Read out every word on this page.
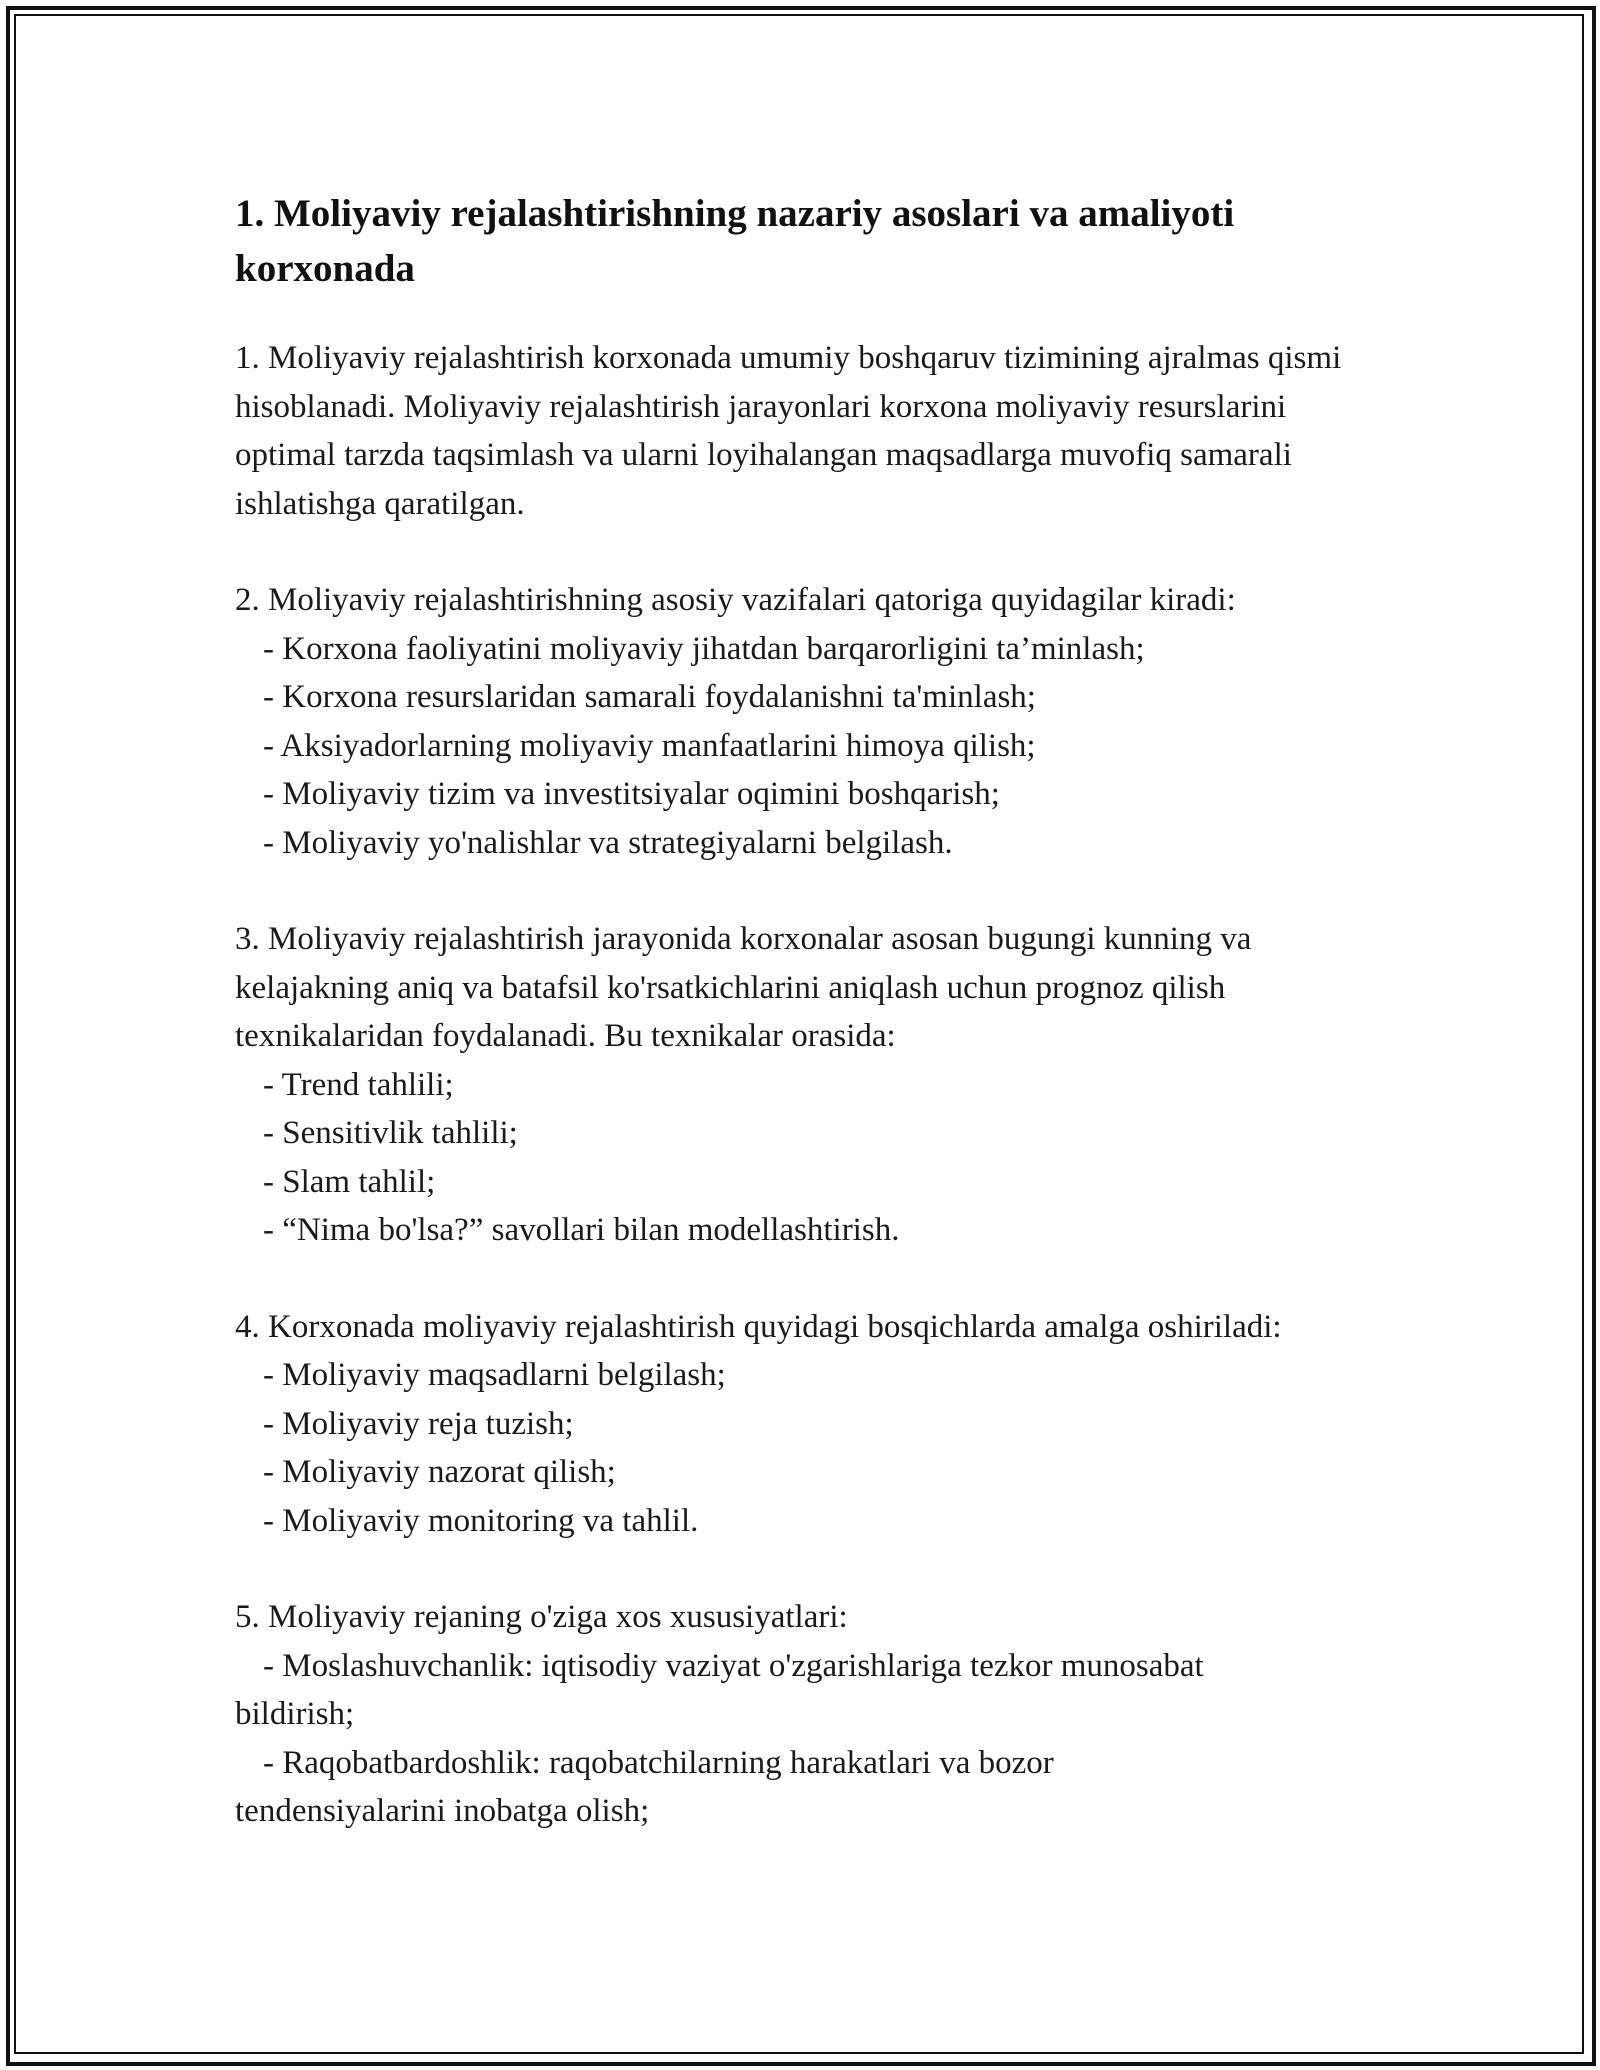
1. Moliyaviy rejalashtirishning nazariy asoslari va amaliyoti korxonada

1. Moliyaviy rejalashtirish korxonada umumiy boshqaruv tizimining ajralmas qismi hisoblanadi. Moliyaviy rejalashtirish jarayonlari korxona moliyaviy resurslarini optimal tarzda taqsimlash va ularni loyihalangan maqsadlarga muvofiq samarali ishlatishga qaratilgan.

2. Moliyaviy rejalashtirishning asosiy vazifalari qatoriga quyidagilar kiradi:

- Korxona faoliyatini moliyaviy jihatdan barqarorligini ta’minlash;
- Korxona resurslaridan samarali foydalanishni ta'minlash;
- Aksiyadorlarning moliyaviy manfaatlarini himoya qilish;
- Moliyaviy tizim va investitsiyalar oqimini boshqarish;
- Moliyaviy yo'nalishlar va strategiyalarni belgilash.

3. Moliyaviy rejalashtirish jarayonida korxonalar asosan bugungi kunning va kelajakning aniq va batafsil ko'rsatkichlarini aniqlash uchun prognoz qilish texnikalaridan foydalanadi. Bu texnikalar orasida:

- Trend tahlili;
- Sensitivlik tahlili;
- Slam tahlil;
- “Nima bo'lsa?” savollari bilan modellashtirish.

4. Korxonada moliyaviy rejalashtirish quyidagi bosqichlarda amalga oshiriladi:

- Moliyaviy maqsadlarni belgilash;
- Moliyaviy reja tuzish;
- Moliyaviy nazorat qilish;
- Moliyaviy monitoring va tahlil.

5. Moliyaviy rejaning o'ziga xos xususiyatlari:

- Moslashuvchanlik: iqtisodiy vaziyat o'zgarishlariga tezkor munosabat
bildirish;
- Raqobatbardoshlik: raqobatchilarning harakatlari va bozor
tendensiyalarini inobatga olish;
